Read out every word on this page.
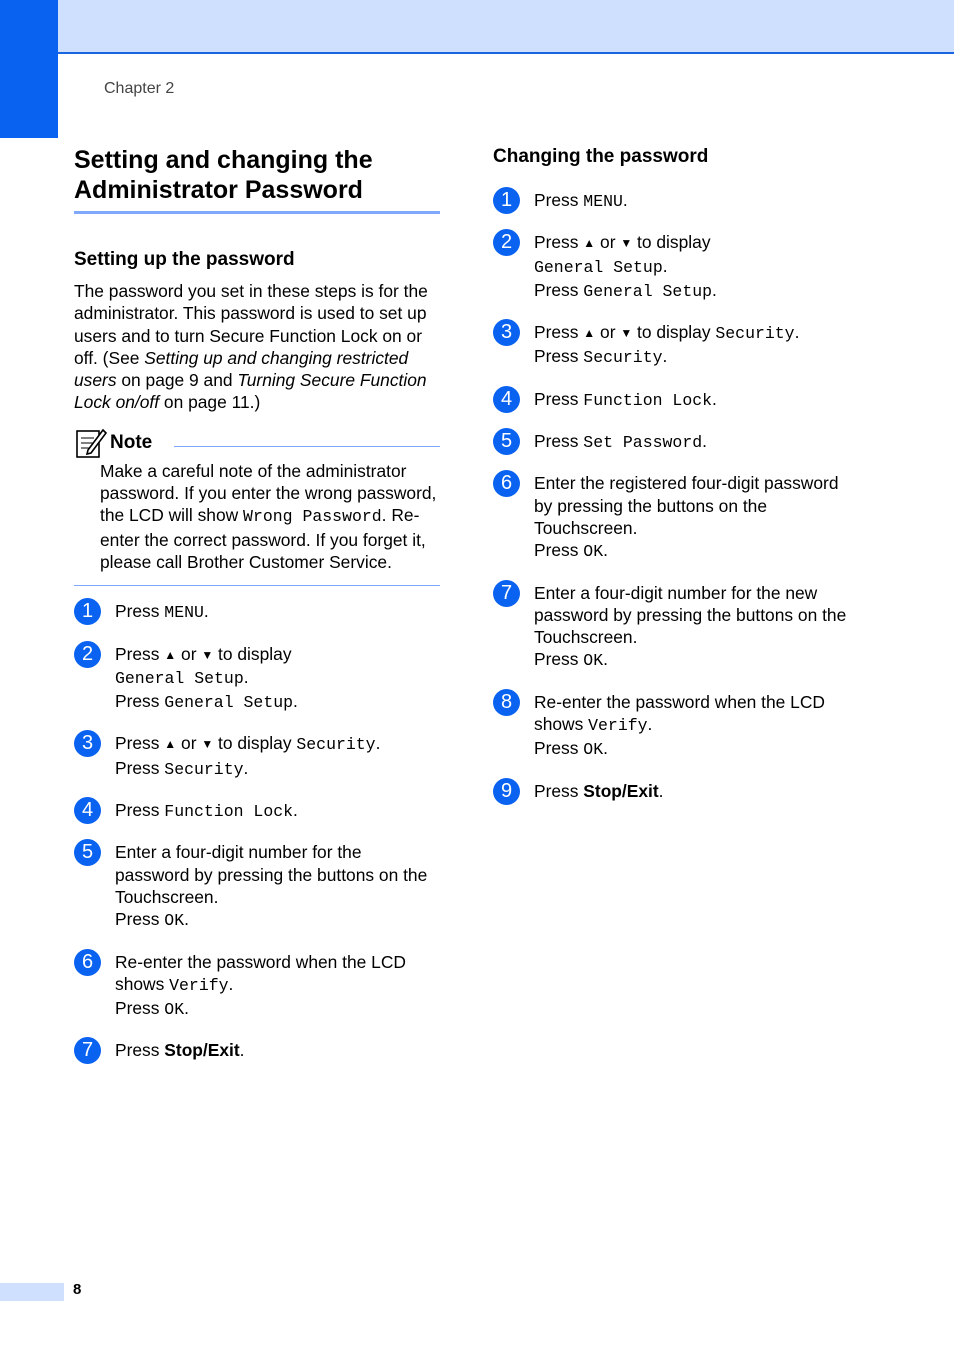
Chapter 2
Setting and changing the
Administrator Password
Setting up the password

The password you set in these steps is for the administrator. This password is used to set up users and to turn Secure Function Lock on or off. (See Setting up and changing restricted users on page 9 and Turning Secure Function Lock on/off on page 11.)

Note
Make a careful note of the administrator password. If you enter the wrong password, the LCD will show Wrong Password. Re-enter the correct password. If you forget it, please call Brother Customer Service.
1	Press MENU.
2	Press ▲ or ▼ to display
General Setup.
Press General Setup.
3	Press ▲ or ▼ to display Security.
Press Security.
4	Press Function Lock.
5	Enter a four-digit number for the password by pressing the buttons on the Touchscreen.
Press OK.
6	Re-enter the password when the LCD shows Verify.
Press OK.
7	Press Stop/Exit.
Changing the password
1	Press MENU.
2	Press ▲ or ▼ to display
General Setup.
Press General Setup.
3	Press ▲ or ▼ to display Security.
Press Security.
4	Press Function Lock.
5	Press Set Password.
6	Enter the registered four-digit password by pressing the buttons on the Touchscreen.
Press OK.
7	Enter a four-digit number for the new password by pressing the buttons on the Touchscreen.
Press OK.
8	Re-enter the password when the LCD shows Verify.
Press OK.
9	Press Stop/Exit.
8
